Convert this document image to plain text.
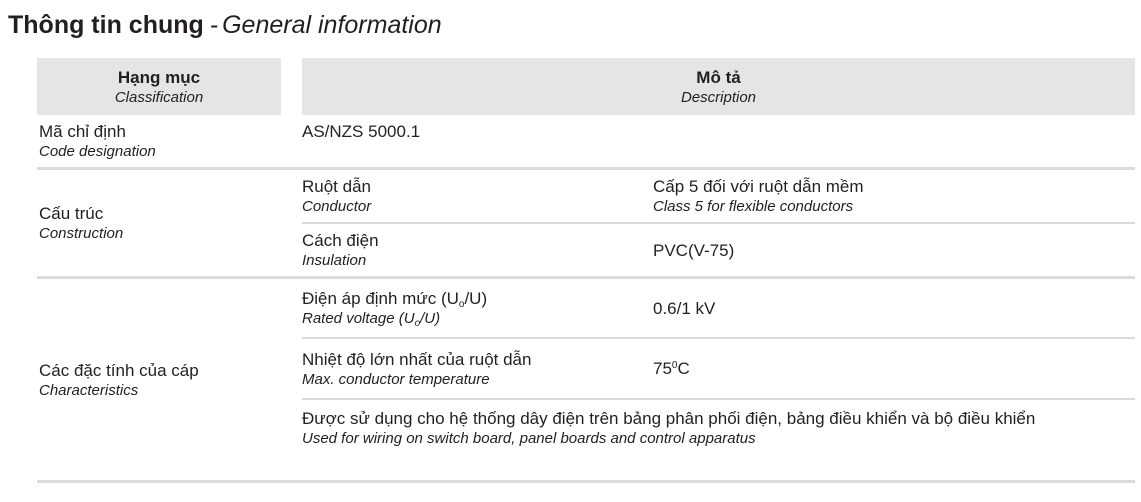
Thông tin chung - General information
Hạng mục
Classification
Mô tả
Description
Mã chỉ định
Code designation
AS/NZS 5000.1
Cấu trúc
Construction
Ruột dẫn
Conductor
Cấp 5 đối với ruột dẫn mềm
Class 5 for flexible conductors
Cách điện
Insulation
PVC(V-75)
Các đặc tính của cáp
Characteristics
Điện áp định mức $(U_o/U)$
Rated voltage $(U_o/U)$
0.6/1 kV
Nhiệt độ lớn nhất của ruột dẫn
Max. conductor temperature
$75^0C$
Được sử dụng cho hệ thống dây điện trên bảng phân phối điện, bảng điều khiển và bộ điều khiển
Used for wiring on switch board, panel boards and control apparatus
